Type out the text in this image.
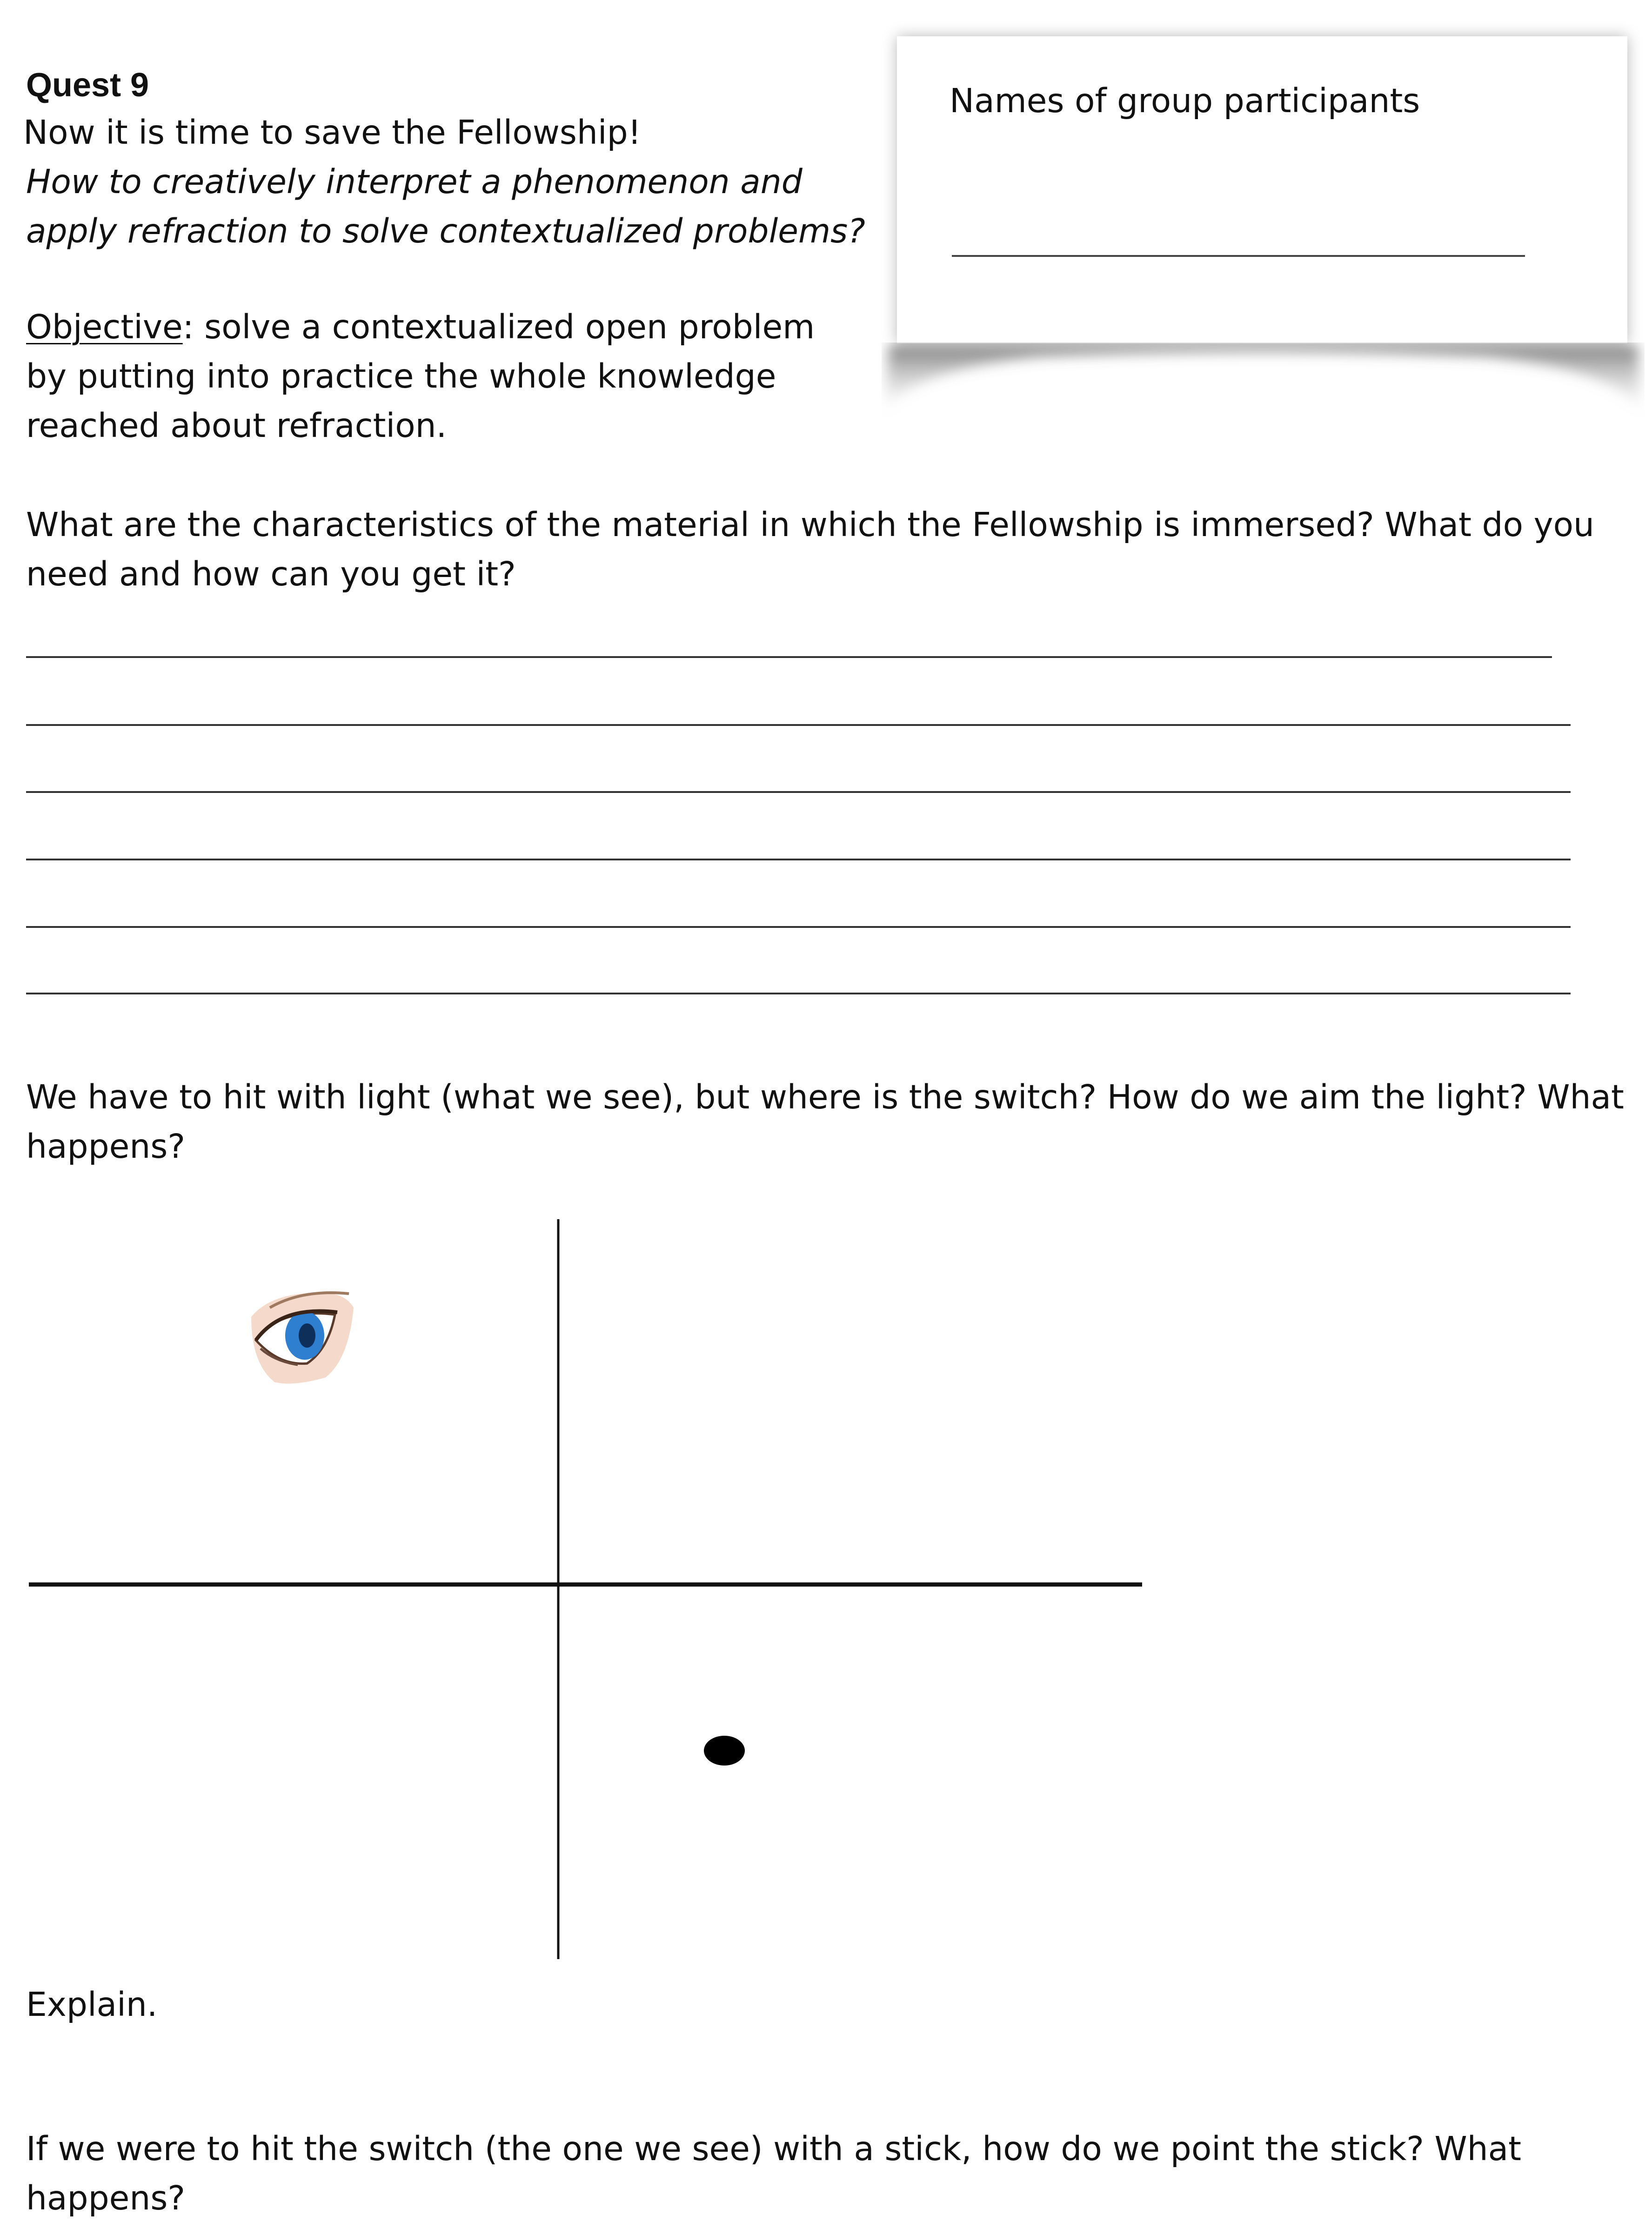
Quest 9
Now it is time to save the Fellowship!
How to creatively interpret a phenomenon and
apply refraction to solve contextualized problems?
Objective: solve a contextualized open problem
by putting into practice the whole knowledge
reached about refraction.
Names of group participants
What are the characteristics of the material in which the Fellowship is immersed? What do you
need and how can you get it?
We have to hit with light (what we see), but where is the switch? How do we aim the light? What
happens?
Explain.
If we were to hit the switch (the one we see) with a stick, how do we point the stick? What
happens?
